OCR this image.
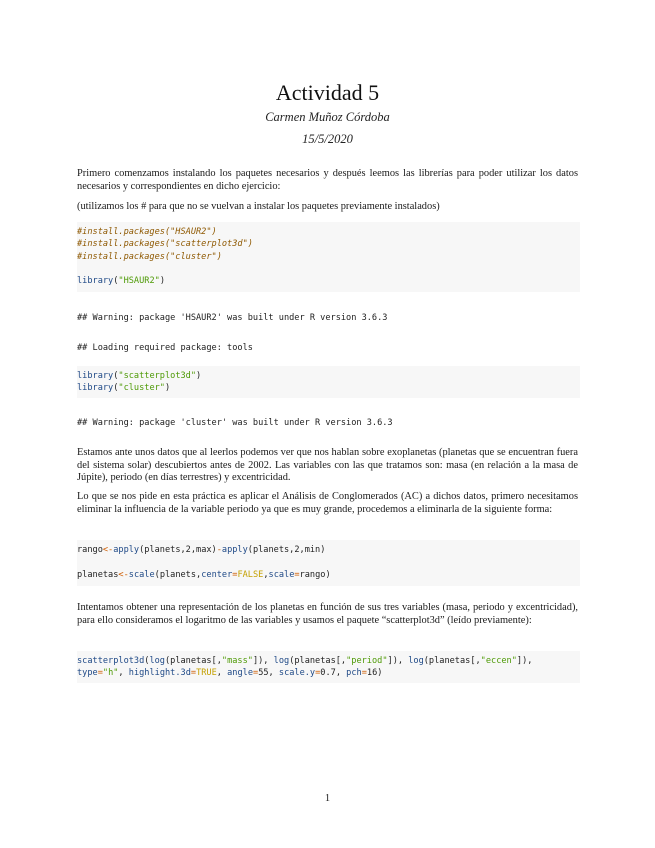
Actividad 5
Carmen Muñoz Córdoba
15/5/2020

Primero comenzamos instalando los paquetes necesarios y después leemos las librerías para poder utilizar los datos necesarios y correspondientes en dicho ejercicio:

(utilizamos los # para que no se vuelvan a instalar los paquetes previamente instalados)

#install.packages("HSAUR2")
#install.packages("scatterplot3d")
#install.packages("cluster")
library("HSAUR2")
## Warning: package 'HSAUR2' was built under R version 3.6.3
## Loading required package: tools
library("scatterplot3d")
library("cluster")
## Warning: package 'cluster' was built under R version 3.6.3

Estamos ante unos datos que al leerlos podemos ver que nos hablan sobre exoplanetas (planetas que se encuentran fuera del sistema solar) descubiertos antes de 2002. Las variables con las que tratamos son: masa (en relación a la masa de Júpite), periodo (en días terrestres) y excentricidad.

Lo que se nos pide en esta práctica es aplicar el Análisis de Conglomerados (AC) a dichos datos, primero necesitamos eliminar la influencia de la variable periodo ya que es muy grande, procedemos a eliminarla de la siguiente forma:

rango<-apply(planets,2,max)-apply(planets,2,min)
planetas<-scale(planets,center=FALSE,scale=rango)

Intentamos obtener una representación de los planetas en función de sus tres variables (masa, periodo y excentricidad), para ello consideramos el logaritmo de las variables y usamos el paquete “scatterplot3d” (leído previamente):

scatterplot3d(log(planetas[,"mass"]), log(planetas[,"period"]), log(planetas[,"eccen"]),
type="h", highlight.3d=TRUE, angle=55, scale.y=0.7, pch=16)
1
